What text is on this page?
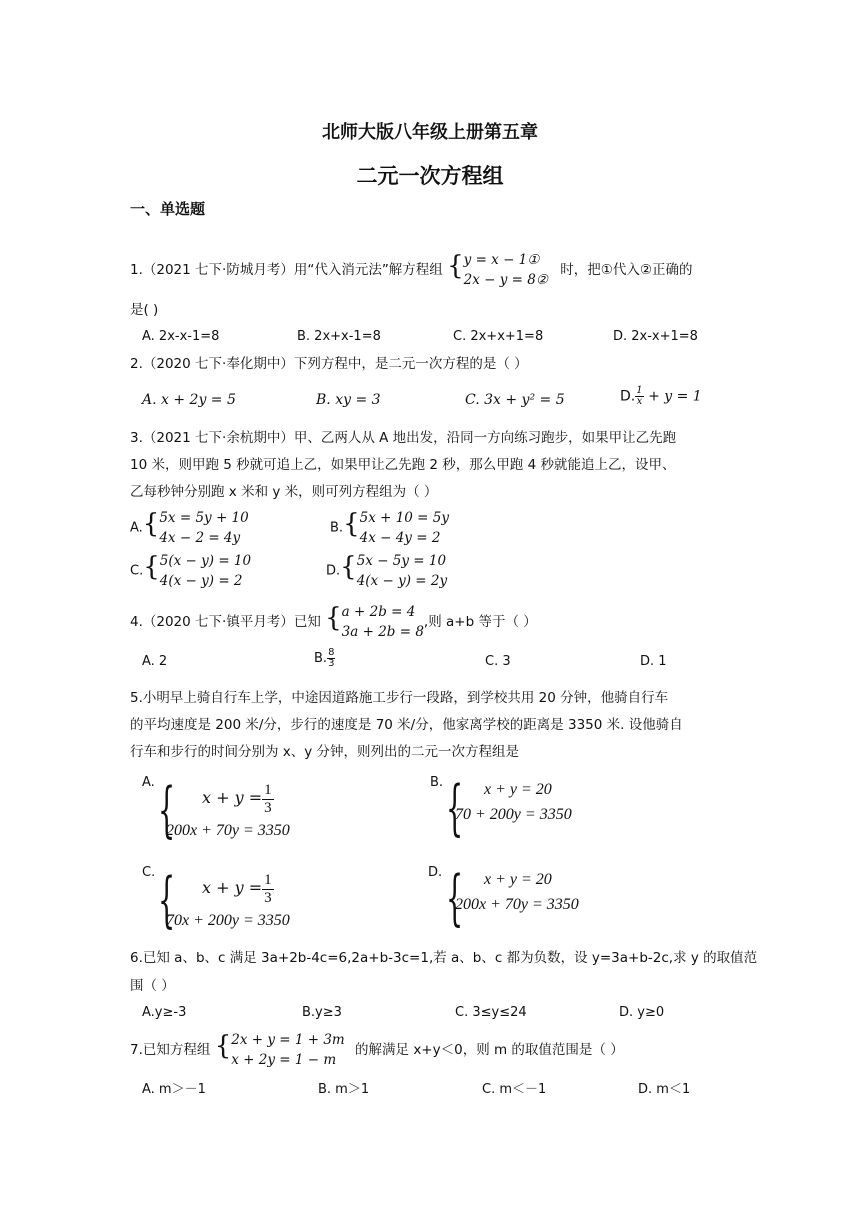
北师大版八年级上册第五章
二元一次方程组
一、单选题
1.（2021 七下·防城月考）用“代入消元法”解方程组 { y = x − 1①
2x − y = 8②
时，把①代入②正确的
是( )
A. 2x-x-1=8	B. 2x+x-1=8	C. 2x+x+1=8	D. 2x-x+1=8
2.（2020 七下·奉化期中）下列方程中，是二元一次方程的是（ ）
A. x + 2y = 5	B. xy = 3	C. 3x + y² = 5	D. $\frac{1}{x} + y = 1$
3.（2021 七下·余杭期中）甲、乙两人从 A 地出发，沿同一方向练习跑步，如果甲让乙先跑
10 米，则甲跑 5 秒就可追上乙，如果甲让乙先跑 2 秒，那么甲跑 4 秒就能追上乙，设甲、
乙每秒钟分别跑 x 米和 y 米，则可列方程组为（ ）
A.{ 5x = 5y + 10
4x − 2 = 4y
B.{ 5x + 10 = 5y
4x − 4y = 2
C.{ 5(x − y) = 10
4(x − y) = 2
D.{ 5x − 5y = 10
4(x − y) = 2y
4.（2020 七下·镇平月考）已知 { a + 2b = 4
3a + 2b = 8
,则 a+b 等于（ ）
A. 2	B. $\frac{8}{3}$	C. 3	D. 1
5.小明早上骑自行车上学，中途因道路施工步行一段路，到学校共用 20 分钟，他骑自行车
的平均速度是 200 米/分，步行的速度是 70 米/分，他家离学校的距离是 3350 米. 设他骑自
行车和步行的时间分别为 x、y 分钟，则列出的二元一次方程组是
A. { $x + y = \frac{1}{3}$
200x + 70y = 3350
B. { x + y = 20
70 + 200y = 3350
C. { $x + y = \frac{1}{3}$
70x + 200y = 3350
D. { x + y = 20
200x + 70y = 3350
6.已知 a、b、c 满足 3a+2b-4c=6,2a+b-3c=1,若 a、b、c 都为负数，设 y=3a+b-2c,求 y 的取值范
围（ ）
A.y≥-3	B.y≥3	C. 3≤y≤24	D. y≥0
7.已知方程组 { 2x + y = 1 + 3m
x + 2y = 1 − m
的解满足 x+y＜0，则 m 的取值范围是（ ）
A. m＞－1	B. m＞1	C. m＜－1	D. m＜1
